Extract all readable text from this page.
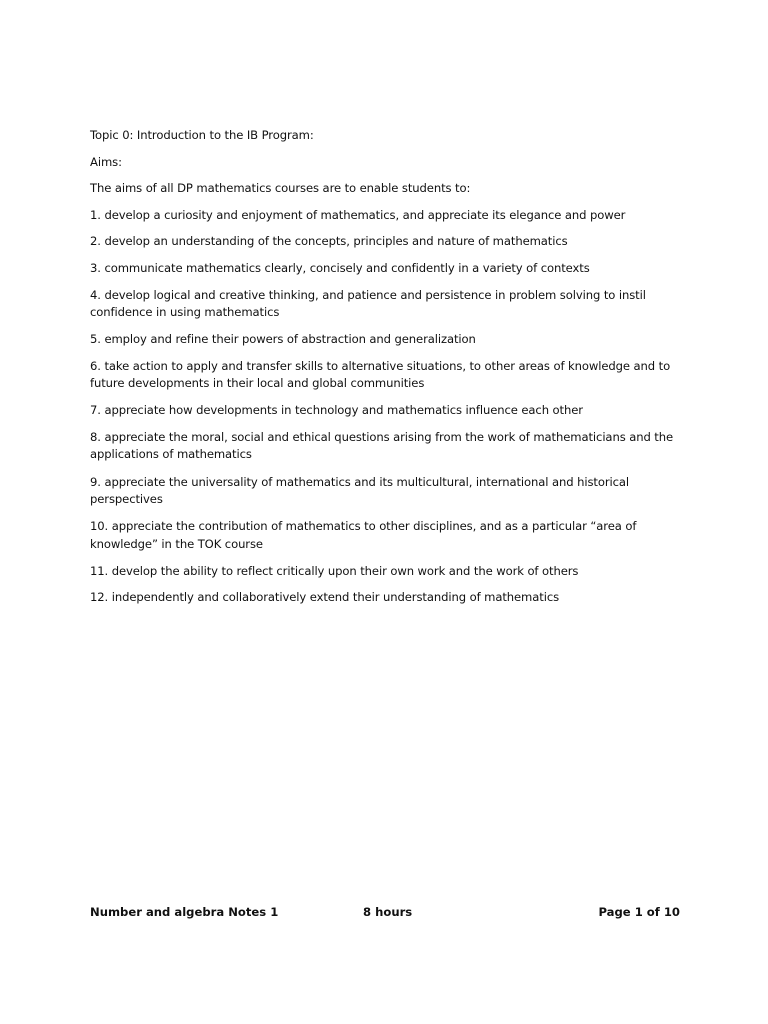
Topic 0: Introduction to the IB Program:

Aims:

The aims of all DP mathematics courses are to enable students to:

1. develop a curiosity and enjoyment of mathematics, and appreciate its elegance and power

2. develop an understanding of the concepts, principles and nature of mathematics

3. communicate mathematics clearly, concisely and confidently in a variety of contexts

4. develop logical and creative thinking, and patience and persistence in problem solving to instil confidence in using mathematics

5. employ and refine their powers of abstraction and generalization

6. take action to apply and transfer skills to alternative situations, to other areas of knowledge and to future developments in their local and global communities

7. appreciate how developments in technology and mathematics influence each other

8. appreciate the moral, social and ethical questions arising from the work of mathematicians and the applications of mathematics

9. appreciate the universality of mathematics and its multicultural, international and historical perspectives

10. appreciate the contribution of mathematics to other disciplines, and as a particular “area of knowledge” in the TOK course

11. develop the ability to reflect critically upon their own work and the work of others

12. independently and collaboratively extend their understanding of mathematics

Number and algebra Notes 1	8 hours	Page 1 of 10
